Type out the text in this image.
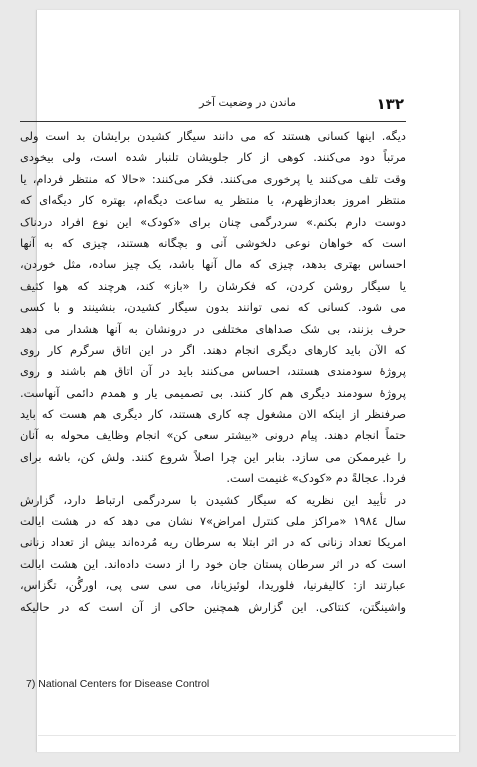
۱۳۲
ماندن در وضعیت آخر
دیگه. اینها کسانی هستند که می دانند سیگار کشیدن برایشان بد است ولی
مرتباً دود می‌کنند. کوهی از کار جلویشان تلنبار شده است، ولی بیخودی
وقت تلف می‌کنند یا پرخوری می‌کنند. فکر می‌کنند: «حالا که منتظر فردام، یا
منتظر امروز بعدازظهرم، یا منتظر یه ساعت دیگه‌ام، بهتره کار دیگه‌ای که
دوست دارم بکنم.» سردرگمی چنان برای «کودک» این نوع افراد دردناک
است که خواهان نوعی دلخوشی آنی و بچگانه هستند، چیزی که به آنها
احساس بهتری بدهد، چیزی که مال آنها باشد، یک چیز ساده، مثل خوردن،
یا سیگار روشن کردن، که فکرشان را «باز» کند، هرچند که هوا کثیف
می شود. کسانی که نمی توانند بدون سیگار کشیدن، بنشینند و با کسی
حرف بزنند، بی شک صداهای مختلفی در درونشان به آنها هشدار می دهد
که الآن باید کارهای دیگری انجام دهند. اگر در این اتاق سرگرم کار روی
پروژهٔ سودمندی هستند، احساس می‌کنند باید در آن اتاق هم باشند و روی
پروژهٔ سودمند دیگری هم کار کنند. بی تصمیمی یار و همدم دائمی آنهاست.
صرفنظر از اینکه الان مشغول چه کاری هستند، کار دیگری هم هست که باید
حتماً انجام دهند. پیام درونی «بیشتر سعی کن» انجام وظایف محوله به آنان
را غیرممکن می سازد. بنابر این چرا اصلاً شروع کنند. ولش کن، باشه برای
فردا. عجالةً دم «کودک» غنیمت است.
در تأیید این نظریه که سیگار کشیدن با سردرگمی ارتباط دارد، گزارش
سال ۱۹۸٤ «مراکز ملی کنترل امراض»۷ نشان می دهد که در هشت ایالت
امریکا تعداد زنانی که در اثر ابتلا به سرطان ریه مُرده‌اند بیش از تعداد زنانی
است که در اثر سرطان پستان جان خود را از دست داده‌اند. این هشت ایالت
عبارتند از: کالیفرنیا، فلوریدا، لوئیزیانا، می سی سی پی، اورگُن، تگزاس،
واشینگتن، کنتاکی. این گزارش همچنین حاکی از آن است که در حالیکه
7) National Centers for Disease Control
